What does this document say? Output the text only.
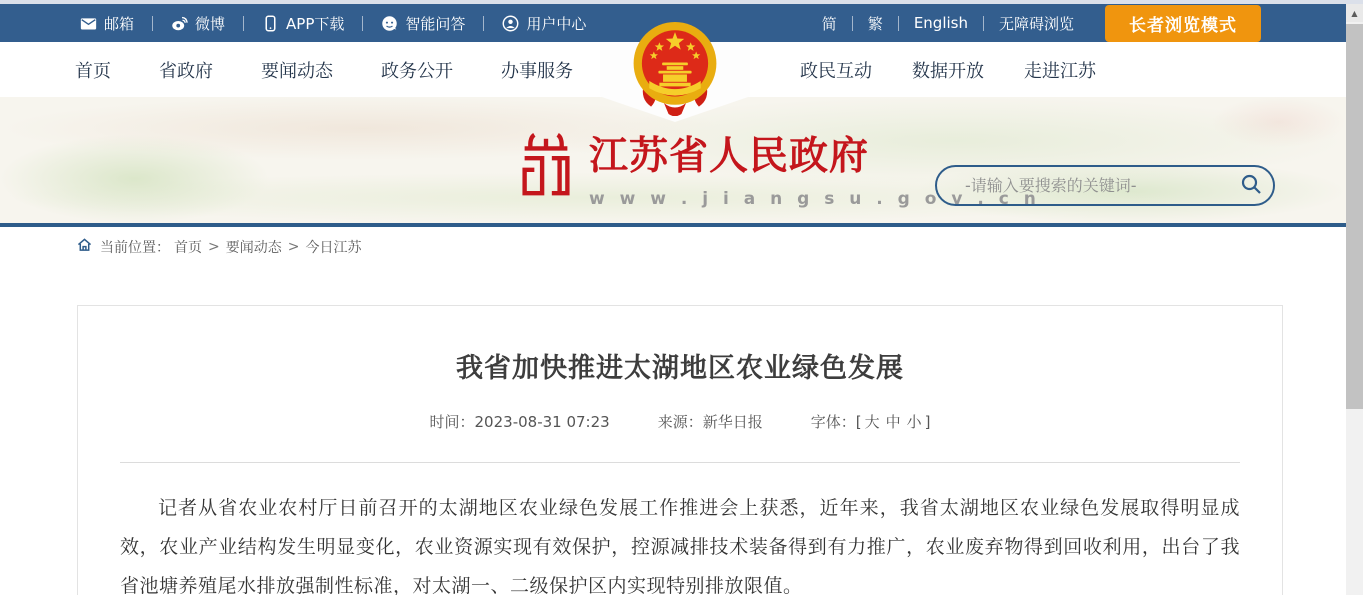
邮箱	微博	APP下载	智能问答	用户中心	简	繁	English	无障碍浏览	长者浏览模式
首页	省政府	要闻动态	政务公开	办事服务	政民互动 数据开放 走进江苏
江苏省人民政府
w w w . j i a n g s u . g o v . c n
-请输入要搜索的关键词-
当前位置： 首页 > 要闻动态 > 今日江苏
我省加快推进太湖地区农业绿色发展
时间：2023-08-31 07:23	来源：新华日报	字体：[ 大 中 小 ]

记者从省农业农村厅日前召开的太湖地区农业绿色发展工作推进会上获悉，近年来，我省太湖地区农业绿色发展取得明显成效，农业产业结构发生明显变化，农业资源实现有效保护，控源减排技术装备得到有力推广，农业废弃物得到回收利用，出台了我省池塘养殖尾水排放强制性标准，对太湖一、二级保护区内实现特别排放限值。

▲
